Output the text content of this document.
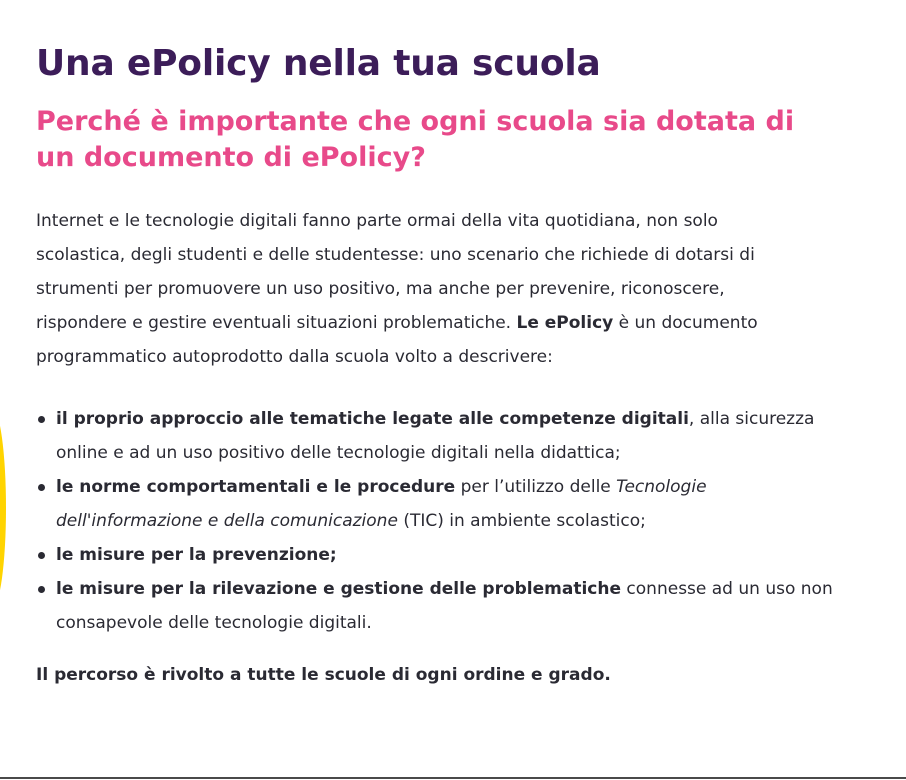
Una ePolicy nella tua scuola
Perché è importante che ogni scuola sia dotata di un documento di ePolicy?

Internet e le tecnologie digitali fanno parte ormai della vita quotidiana, non solo scolastica, degli studenti e delle studentesse: uno scenario che richiede di dotarsi di strumenti per promuovere un uso positivo, ma anche per prevenire, riconoscere, rispondere e gestire eventuali situazioni problematiche. Le ePolicy è un documento programmatico autoprodotto dalla scuola volto a descrivere:

il proprio approccio alle tematiche legate alle competenze digitali, alla sicurezza online e ad un uso positivo delle tecnologie digitali nella didattica;
le norme comportamentali e le procedure per l’utilizzo delle Tecnologie dell'informazione e della comunicazione (TIC) in ambiente scolastico;
le misure per la prevenzione;
le misure per la rilevazione e gestione delle problematiche connesse ad un uso non consapevole delle tecnologie digitali.

Il percorso è rivolto a tutte le scuole di ogni ordine e grado.
